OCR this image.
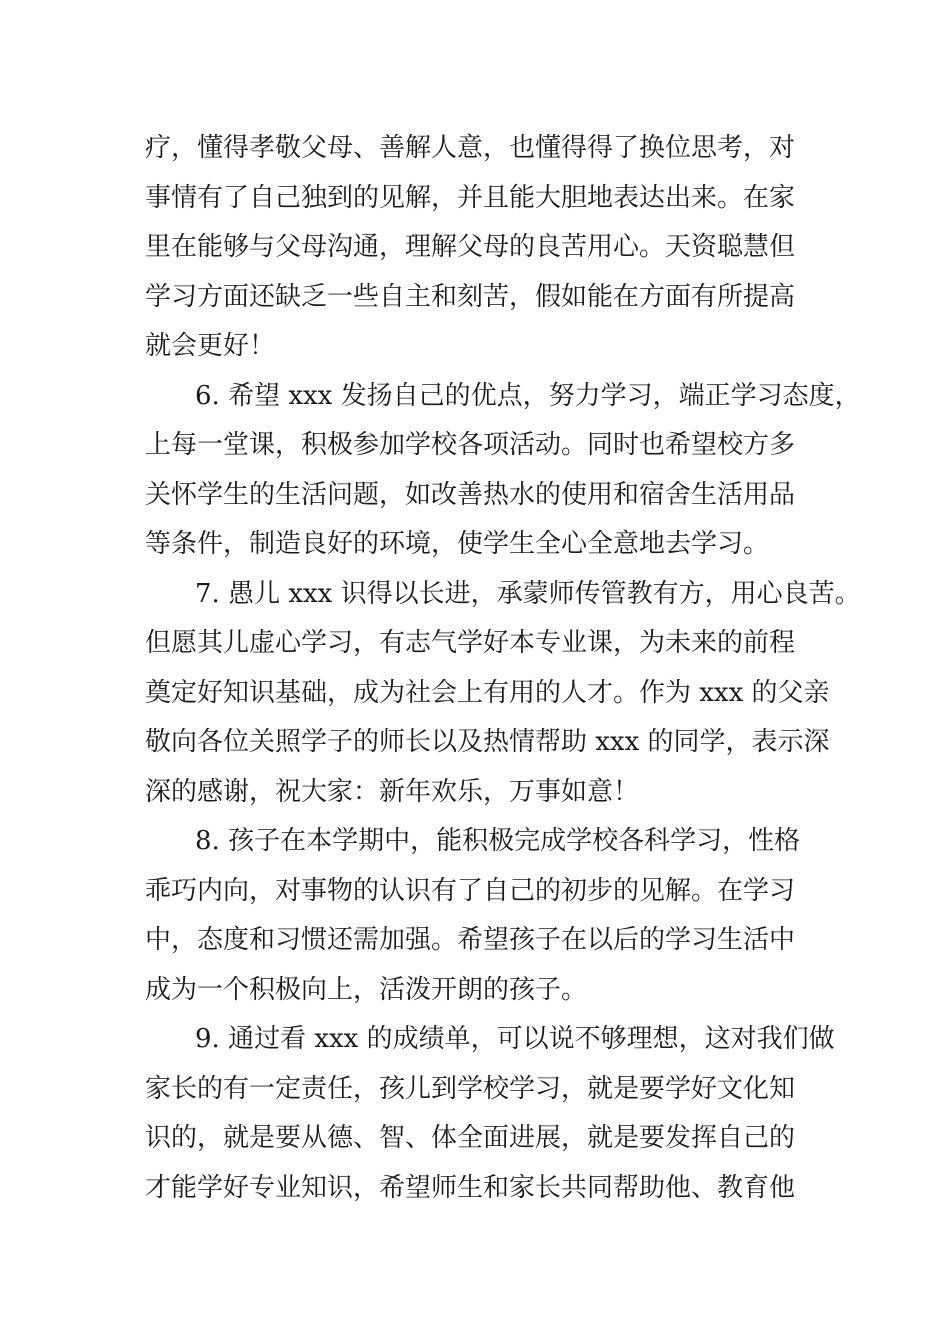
疗，懂得孝敬父母、善解人意，也懂得得了换位思考，对
事情有了自己独到的见解，并且能大胆地表达出来。在家
里在能够与父母沟通，理解父母的良苦用心。天资聪慧但
学习方面还缺乏一些自主和刻苦，假如能在方面有所提高
就会更好！
6. 希望 xxx 发扬自己的优点，努力学习，端正学习态度，
上每一堂课，积极参加学校各项活动。同时也希望校方多
关怀学生的生活问题，如改善热水的使用和宿舍生活用品
等条件，制造良好的环境，使学生全心全意地去学习。
7. 愚儿 xxx 识得以长进，承蒙师传管教有方，用心良苦。
但愿其儿虚心学习，有志气学好本专业课，为未来的前程
奠定好知识基础，成为社会上有用的人才。作为 xxx 的父亲
敬向各位关照学子的师长以及热情帮助 xxx 的同学，表示深
深的感谢，祝大家：新年欢乐，万事如意！
8. 孩子在本学期中，能积极完成学校各科学习，性格
乖巧内向，对事物的认识有了自己的初步的见解。在学习
中，态度和习惯还需加强。希望孩子在以后的学习生活中
成为一个积极向上，活泼开朗的孩子。
9. 通过看 xxx 的成绩单，可以说不够理想，这对我们做
家长的有一定责任，孩儿到学校学习，就是要学好文化知
识的，就是要从德、智、体全面进展，就是要发挥自己的
才能学好专业知识，希望师生和家长共同帮助他、教育他
